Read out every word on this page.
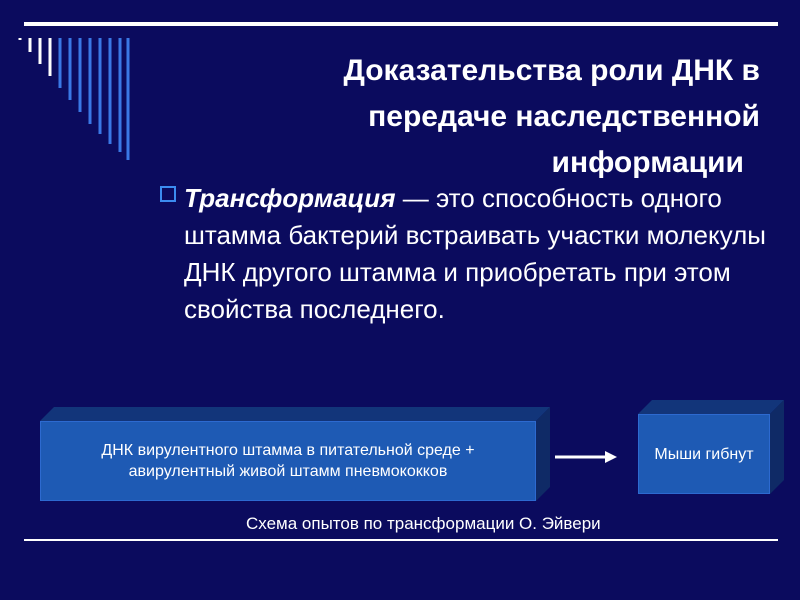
Доказательства роли ДНК в
передаче наследственной
информации
Трансформация — это способность одного штамма бактерий встраивать участки молекулы ДНК другого штамма и приобретать при этом свойства последнего.
ДНК вирулентного штамма в питательной среде + авирулентный живой штамм пневмококков
Мыши гибнут
Схема опытов по трансформации О. Эйвери
